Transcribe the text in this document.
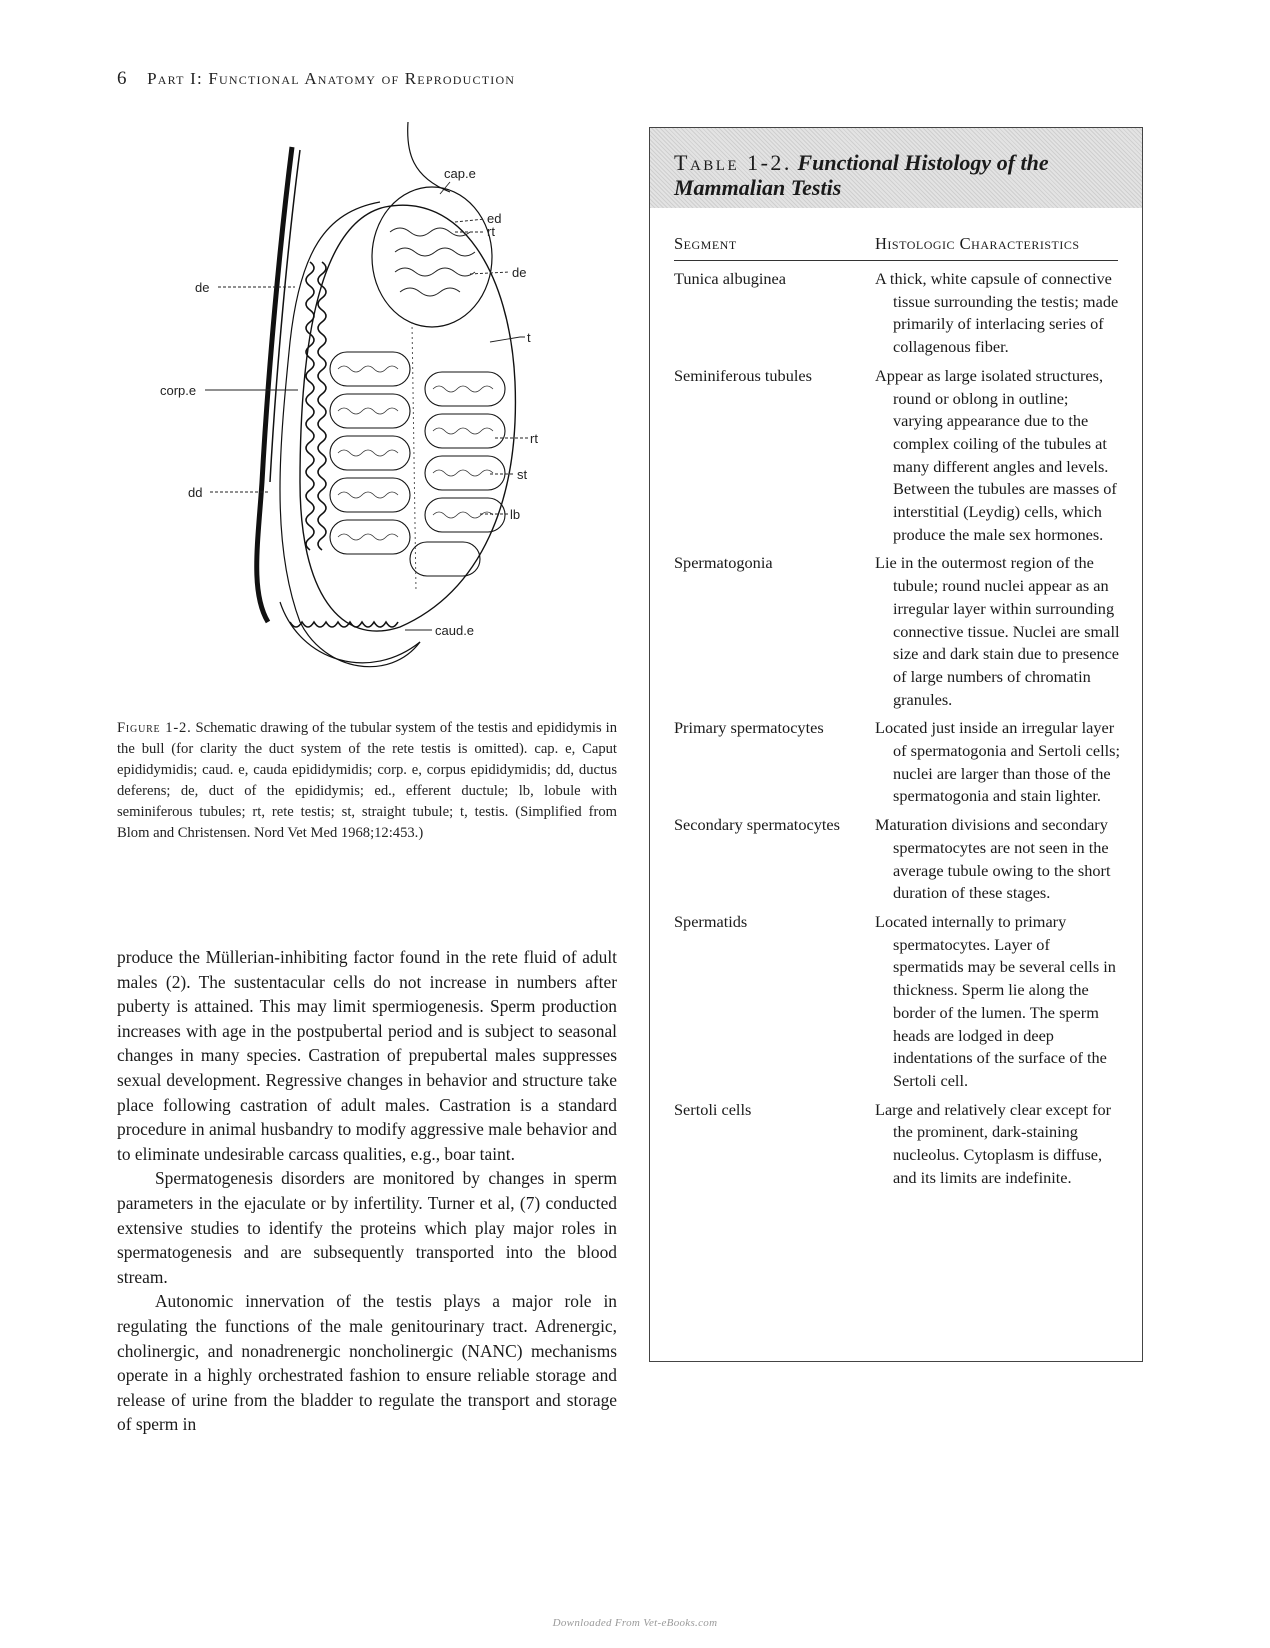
6 Part I: Functional Anatomy of Reproduction
cap.e
ed
rt
de
de
t
corp.e
rt
st
dd
lb
caud.e
Figure 1-2. Schematic drawing of the tubular system of the testis and epididymis in the bull (for clarity the duct system of the rete testis is omitted). cap. e, Caput epididymidis; caud. e, cauda epididymidis; corp. e, corpus epididymidis; dd, ductus deferens; de, duct of the epididymis; ed., efferent ductule; lb, lobule with seminiferous tubules; rt, rete testis; st, straight tubule; t, testis. (Simplified from Blom and Christensen. Nord Vet Med 1968;12:453.)

produce the Müllerian-inhibiting factor found in the rete fluid of adult males (2). The sustentacular cells do not increase in numbers after puberty is attained. This may limit spermiogenesis. Sperm production increases with age in the postpubertal period and is subject to seasonal changes in many species. Castration of prepubertal males suppresses sexual development. Regressive changes in behavior and structure take place following castration of adult males. Castration is a standard procedure in animal husbandry to modify aggressive male behavior and to eliminate undesirable carcass qualities, e.g., boar taint.

Spermatogenesis disorders are monitored by changes in sperm parameters in the ejaculate or by infertility. Turner et al, (7) conducted extensive studies to identify the proteins which play major roles in spermatogenesis and are subsequently transported into the blood stream.

Autonomic innervation of the testis plays a major role in regulating the functions of the male genitourinary tract. Adrenergic, cholinergic, and nonadrenergic noncholinergic (NANC) mechanisms operate in a highly orchestrated fashion to ensure reliable storage and release of urine from the bladder to regulate the transport and storage of sperm in

Table 1-2. Functional Histology of the Mammalian Testis
Segment	Histologic Characteristics
Tunica albuginea	A thick, white capsule of connective tissue surrounding the testis; made primarily of interlacing series of collagenous fiber.
Seminiferous tubules	Appear as large isolated structures, round or oblong in outline; varying appearance due to the complex coiling of the tubules at many different angles and levels. Between the tubules are masses of interstitial (Leydig) cells, which produce the male sex hormones.
Spermatogonia	Lie in the outermost region of the tubule; round nuclei appear as an irregular layer within surrounding connective tissue. Nuclei are small size and dark stain due to presence of large numbers of chromatin granules.
Primary spermatocytes	Located just inside an irregular layer of spermatogonia and Sertoli cells; nuclei are larger than those of the spermatogonia and stain lighter.
Secondary spermatocytes	Maturation divisions and secondary spermatocytes are not seen in the average tubule owing to the short duration of these stages.
Spermatids	Located internally to primary spermatocytes. Layer of spermatids may be several cells in thickness. Sperm lie along the border of the lumen. The sperm heads are lodged in deep indentations of the surface of the Sertoli cell.
Sertoli cells	Large and relatively clear except for the prominent, dark-staining nucleolus. Cytoplasm is diffuse, and its limits are indefinite.
Downloaded From Vet-eBooks.com
